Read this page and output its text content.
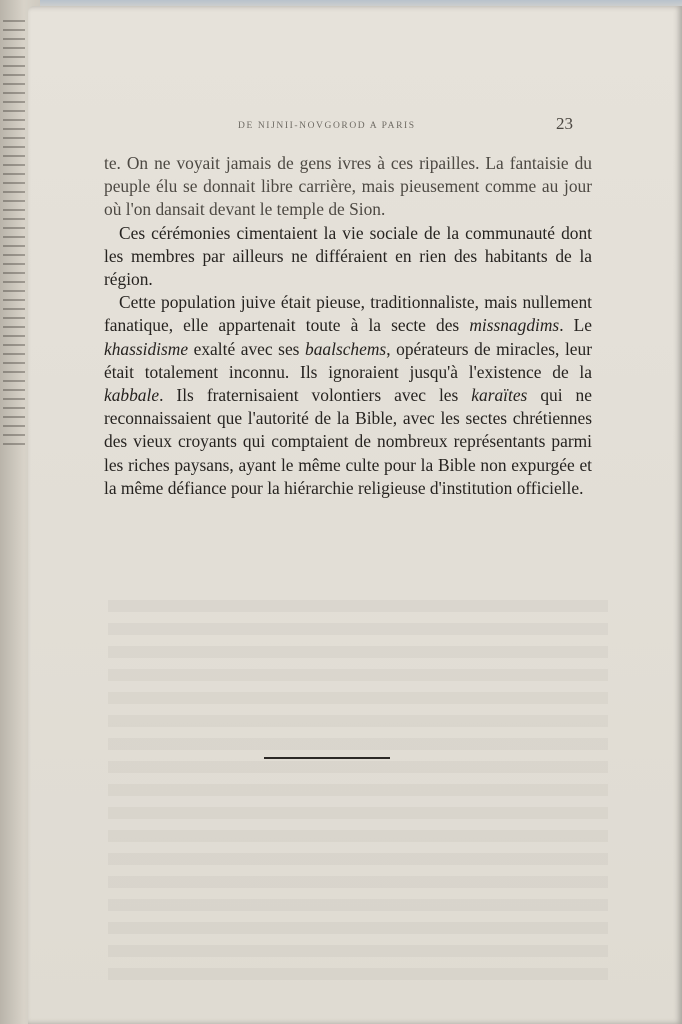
DE NIJNII-NOVGOROD A PARIS	23

te. On ne voyait jamais de gens ivres à ces ripailles. La fantaisie du peuple élu se donnait libre carrière, mais pieusement comme au jour où l'on dansait devant le temple de Sion.

Ces cérémonies cimentaient la vie sociale de la communauté dont les membres par ailleurs ne différaient en rien des habitants de la région.

Cette population juive était pieuse, traditionnaliste, mais nullement fanatique, elle appartenait toute à la secte des missnagdims. Le khassidisme exalté avec ses baalschems, opérateurs de miracles, leur était totalement inconnu. Ils ignoraient jusqu'à l'existence de la kabbale. Ils fraternisaient volontiers avec les karaïtes qui ne reconnaissaient que l'autorité de la Bible, avec les sectes chrétiennes des vieux croyants qui comptaient de nombreux représentants parmi les riches paysans, ayant le même culte pour la Bible non expurgée et la même défiance pour la hiérarchie religieuse d'institution officielle.
